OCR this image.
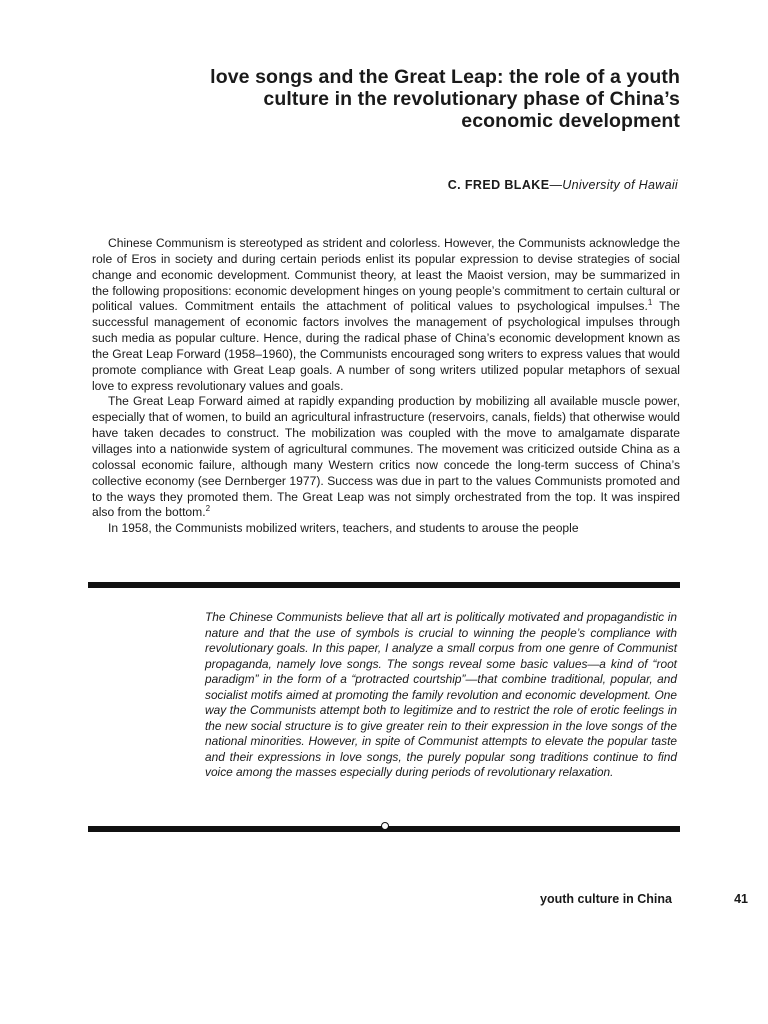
love songs and the Great Leap: the role of a youth
culture in the revolutionary phase of China’s
economic development
C. FRED BLAKE—University of Hawaii

Chinese Communism is stereotyped as strident and colorless. However, the Communists acknowledge the role of Eros in society and during certain periods enlist its popular expression to devise strategies of social change and economic development. Communist theory, at least the Maoist version, may be summarized in the following propositions: economic development hinges on young people’s commitment to certain cultural or political values. Commitment entails the attachment of political values to psychological impulses.$^1$ The successful management of economic factors involves the management of psychological impulses through such media as popular culture. Hence, during the radical phase of China’s economic development known as the Great Leap Forward (1958–1960), the Communists encouraged song writers to express values that would promote compliance with Great Leap goals. A number of song writers utilized popular metaphors of sexual love to express revolutionary values and goals.

The Great Leap Forward aimed at rapidly expanding production by mobilizing all available muscle power, especially that of women, to build an agricultural infrastructure (reservoirs, canals, fields) that otherwise would have taken decades to construct. The mobilization was coupled with the move to amalgamate disparate villages into a nationwide system of agricultural communes. The movement was criticized outside China as a colossal economic failure, although many Western critics now concede the long-term success of China’s collective economy (see Dernberger 1977). Success was due in part to the values Communists promoted and to the ways they promoted them. The Great Leap was not simply orchestrated from the top. It was inspired also from the bottom.$^2$

In 1958, the Communists mobilized writers, teachers, and students to arouse the people

The Chinese Communists believe that all art is politically motivated and propagandistic in nature and that the use of symbols is crucial to winning the people’s compliance with revolutionary goals. In this paper, I analyze a small corpus from one genre of Communist propaganda, namely love songs. The songs reveal some basic values—a kind of “root paradigm” in the form of a “protracted courtship”—that combine traditional, popular, and socialist motifs aimed at promoting the family revolution and economic development. One way the Communists attempt both to legitimize and to restrict the role of erotic feelings in the new social structure is to give greater rein to their expression in the love songs of the national minorities. However, in spite of Communist attempts to elevate the popular taste and their expressions in love songs, the purely popular song traditions continue to find voice among the masses especially during periods of revolutionary relaxation.
youth culture in China	41
